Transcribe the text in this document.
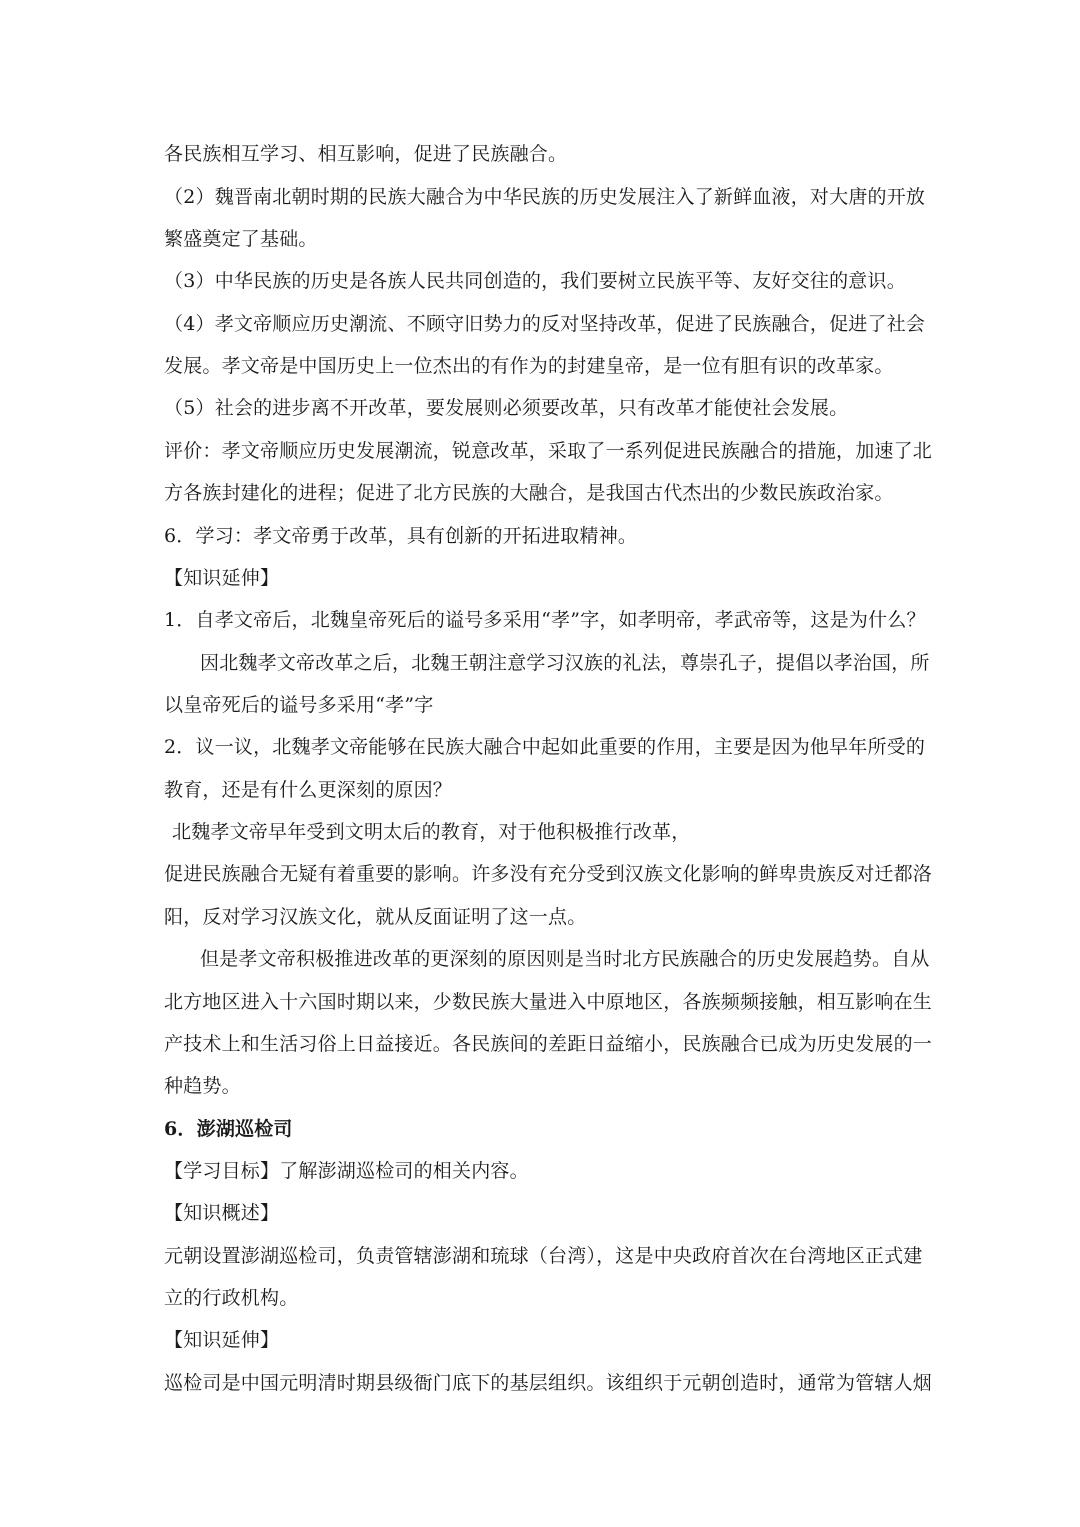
各民族相互学习、相互影响，促进了民族融合。
（2）魏晋南北朝时期的民族大融合为中华民族的历史发展注入了新鲜血液，对大唐的开放
繁盛奠定了基础。
（3）中华民族的历史是各族人民共同创造的，我们要树立民族平等、友好交往的意识。
（4）孝文帝顺应历史潮流、不顾守旧势力的反对坚持改革，促进了民族融合，促进了社会
发展。孝文帝是中国历史上一位杰出的有作为的封建皇帝，是一位有胆有识的改革家。
（5）社会的进步离不开改革，要发展则必须要改革，只有改革才能使社会发展。
评价：孝文帝顺应历史发展潮流，锐意改革，采取了一系列促进民族融合的措施，加速了北
方各族封建化的进程；促进了北方民族的大融合，是我国古代杰出的少数民族政治家。
6．学习：孝文帝勇于改革，具有创新的开拓进取精神。
【知识延伸】
1．自孝文帝后，北魏皇帝死后的谥号多采用“孝”字，如孝明帝，孝武帝等，这是为什么？
因北魏孝文帝改革之后，北魏王朝注意学习汉族的礼法，尊崇孔子，提倡以孝治国，所
以皇帝死后的谥号多采用“孝”字
2．议一议，北魏孝文帝能够在民族大融合中起如此重要的作用，主要是因为他早年所受的
教育，还是有什么更深刻的原因？
北魏孝文帝早年受到文明太后的教育，对于他积极推行改革，
促进民族融合无疑有着重要的影响。许多没有充分受到汉族文化影响的鲜卑贵族反对迁都洛
阳，反对学习汉族文化，就从反面证明了这一点。
但是孝文帝积极推进改革的更深刻的原因则是当时北方民族融合的历史发展趋势。自从
北方地区进入十六国时期以来，少数民族大量进入中原地区，各族频频接触，相互影响在生
产技术上和生活习俗上日益接近。各民族间的差距日益缩小，民族融合已成为历史发展的一
种趋势。
6．澎湖巡检司
【学习目标】了解澎湖巡检司的相关内容。
【知识概述】
元朝设置澎湖巡检司，负责管辖澎湖和琉球（台湾），这是中央政府首次在台湾地区正式建
立的行政机构。
【知识延伸】
巡检司是中国元明清时期县级衙门底下的基层组织。该组织于元朝创造时，通常为管辖人烟
